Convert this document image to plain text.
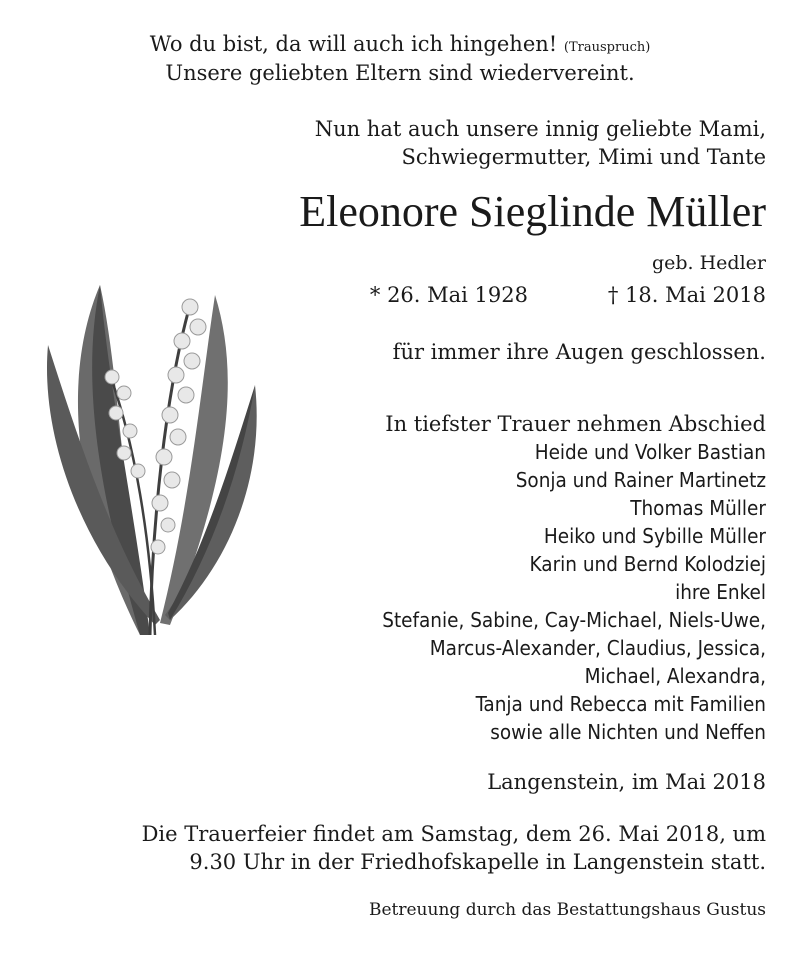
Wo du bist, da will auch ich hingehen! (Trauspruch)
Unsere geliebten Eltern sind wiedervereint.
Nun hat auch unsere innig geliebte Mami,
Schwiegermutter, Mimi und Tante
Eleonore Sieglinde Müller
geb. Hedler
* 26. Mai 1928	† 18. Mai 2018
für immer ihre Augen geschlossen.
In tiefster Trauer nehmen Abschied
Heide und Volker Bastian
Sonja und Rainer Martinetz
Thomas Müller
Heiko und Sybille Müller
Karin und Bernd Kolodziej
ihre Enkel
Stefanie, Sabine, Cay-Michael, Niels-Uwe,
Marcus-Alexander, Claudius, Jessica,
Michael, Alexandra,
Tanja und Rebecca mit Familien
sowie alle Nichten und Neffen
Langenstein, im Mai 2018
Die Trauerfeier findet am Samstag, dem 26. Mai 2018, um
9.30 Uhr in der Friedhofskapelle in Langenstein statt.
Betreuung durch das Bestattungshaus Gustus
